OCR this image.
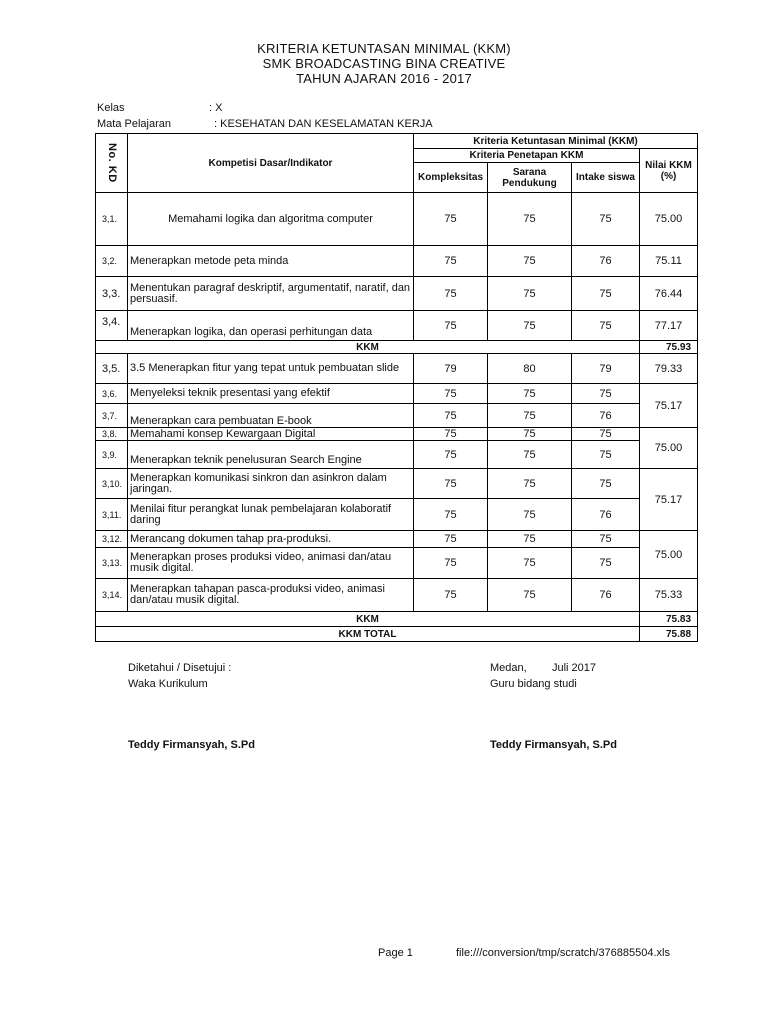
KRITERIA KETUNTASAN MINIMAL (KKM)
SMK BROADCASTING BINA CREATIVE
TAHUN AJARAN 2016 - 2017
Kelas	: X
Mata Pelajaran	: KESEHATAN DAN KESELAMATAN KERJA
No. KD	Kompetisi Dasar/Indikator	Kriteria Ketuntasan Minimal (KKM)			
		Kriteria Penetapan KKM			Nilai KKM (%)
		Kompleksitas	Sarana Pendukung	Intake siswa	
3,1.	Memahami logika dan algoritma computer	75	75	75	75.00
3,2.	Menerapkan metode peta minda	75	75	76	75.11
3,3.	Menentukan paragraf deskriptif, argumentatif, naratif, dan persuasif.	75	75	75	76.44
3,4.	Menerapkan logika, dan operasi perhitungan data	75	75	75	77.17
KKM					75.93
3,5.	3.5 Menerapkan fitur yang tepat untuk pembuatan slide	79	80	79	79.33
3,6.	Menyeleksi teknik presentasi yang efektif	75	75	75	75.17
3,7.	Menerapkan cara pembuatan E-book	75	75	76	
3,8.	Memahami konsep Kewargaan Digital	75	75	75	75.00
3,9.	Menerapkan teknik penelusuran Search Engine	75	75	75	
3,10.	Menerapkan komunikasi sinkron dan asinkron dalam jaringan.	75	75	75	75.17
3,11.	Menilai fitur perangkat lunak pembelajaran kolaboratif daring	75	75	76	
3,12.	Merancang dokumen tahap pra-produksi.	75	75	75	75.00
3,13.	Menerapkan proses produksi video, animasi dan/atau musik digital.	75	75	75	
3,14.	Menerapkan tahapan pasca-produksi video, animasi dan/atau musik digital.	75	75	76	75.33
KKM					75.83
KKM TOTAL					75.88
Diketahui / Disetujui :
Waka Kurikulum
Teddy Firmansyah, S.Pd
Medan, Juli 2017
Guru bidang studi
Teddy Firmansyah, S.Pd
Page 1	file:///conversion/tmp/scratch/376885504.xls
